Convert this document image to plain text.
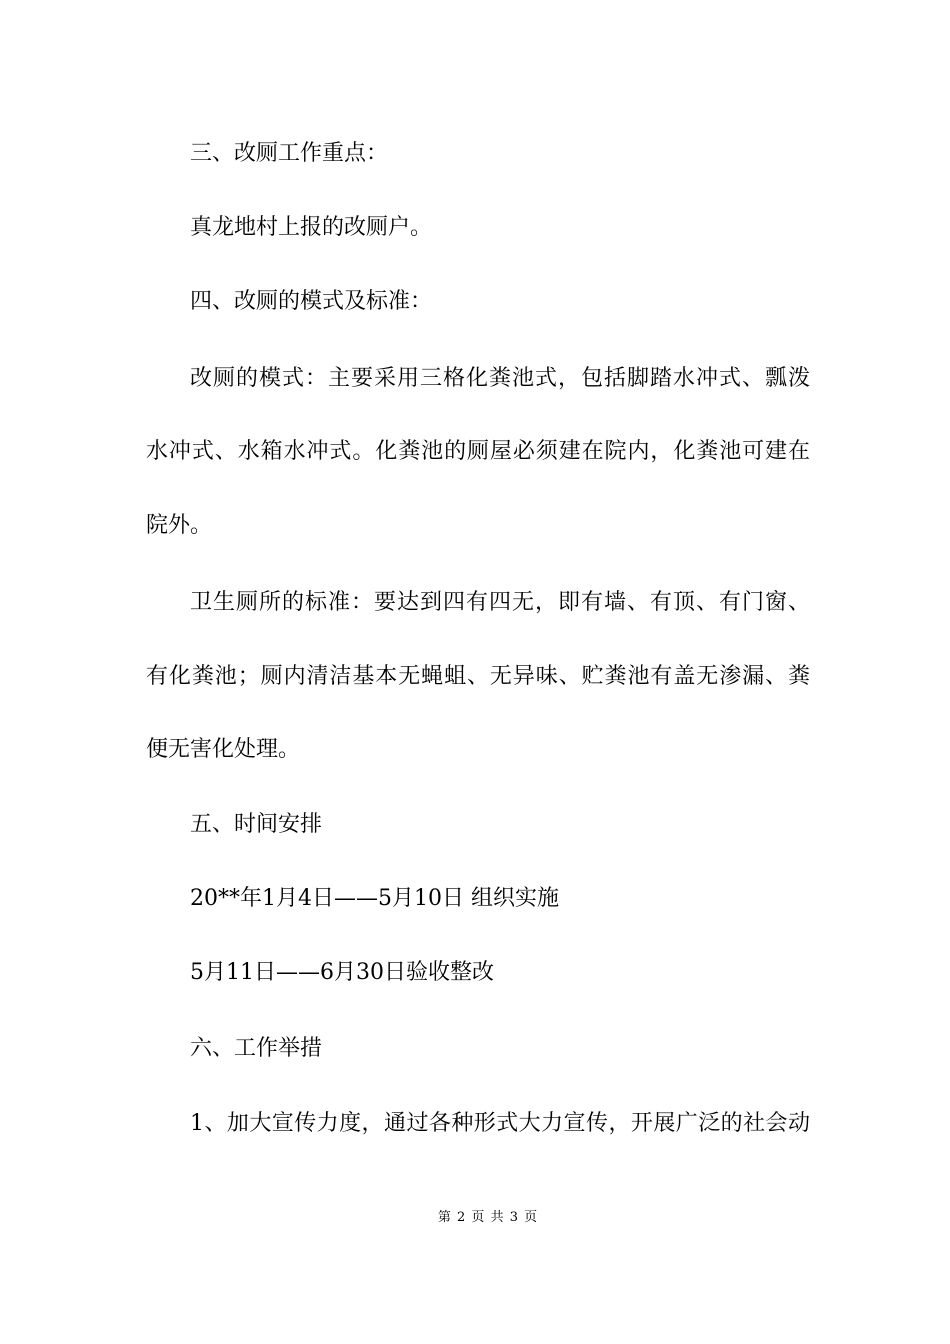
三、改厕工作重点：
真龙地村上报的改厕户。
四、改厕的模式及标准：
改厕的模式：主要采用三格化粪池式，包括脚踏水冲式、瓢泼
水冲式、水箱水冲式。化粪池的厕屋必须建在院内，化粪池可建在
院外。
卫生厕所的标准：要达到四有四无，即有墙、有顶、有门窗、
有化粪池；厕内清洁基本无蝇蛆、无异味、贮粪池有盖无渗漏、粪
便无害化处理。
五、时间安排
20**年1月4日——5月10日 组织实施
5月11日——6月30日验收整改
六、工作举措
1、加大宣传力度，通过各种形式大力宣传，开展广泛的社会动
第 2 页 共 3 页
